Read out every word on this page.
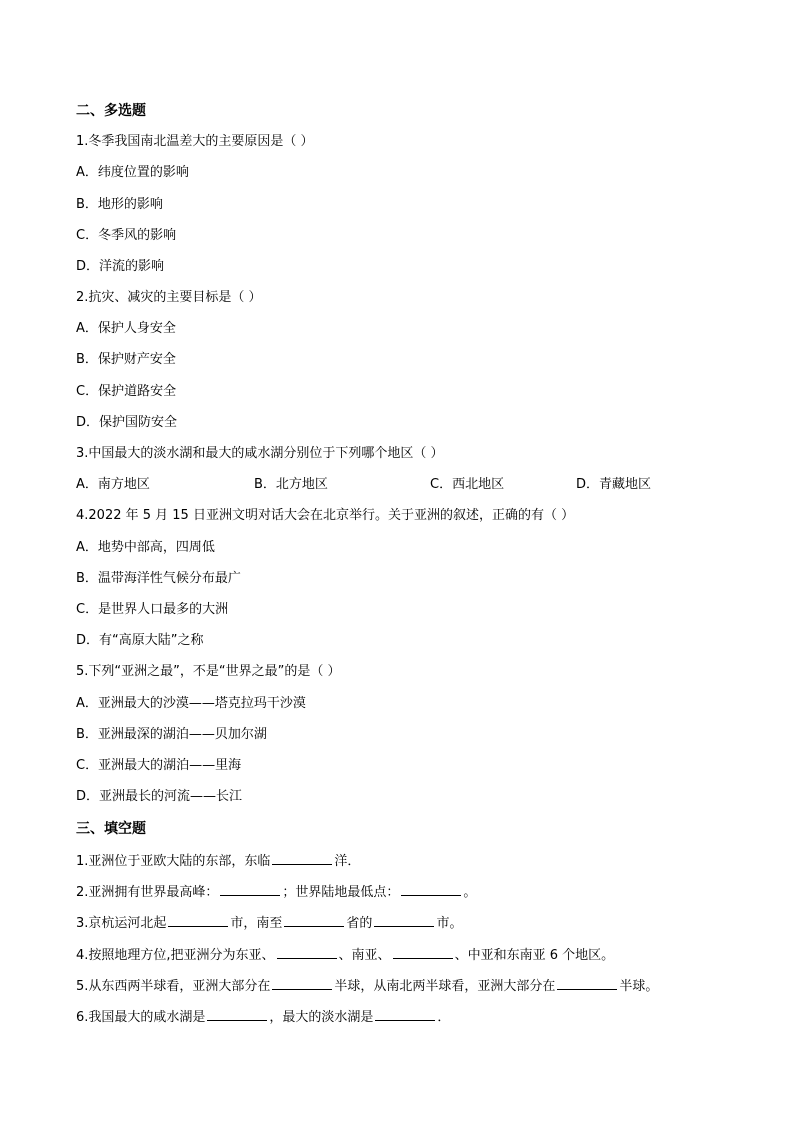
二、多选题
1.冬季我国南北温差大的主要原因是（ ）
A．纬度位置的影响
B．地形的影响
C．冬季风的影响
D．洋流的影响
2.抗灾、减灾的主要目标是（ ）
A．保护人身安全
B．保护财产安全
C．保护道路安全
D．保护国防安全
3.中国最大的淡水湖和最大的咸水湖分别位于下列哪个地区（ ）
A．南方地区	B．北方地区	C．西北地区	D．青藏地区
4.2022 年 5 月 15 日亚洲文明对话大会在北京举行。关于亚洲的叙述，正确的有（ ）
A．地势中部高，四周低
B．温带海洋性气候分布最广
C．是世界人口最多的大洲
D．有“高原大陆”之称
5.下列“亚洲之最”，不是“世界之最”的是（ ）
A．亚洲最大的沙漠——塔克拉玛干沙漠
B．亚洲最深的湖泊——贝加尔湖
C．亚洲最大的湖泊——里海
D．亚洲最长的河流——长江
三、填空题
1.亚洲位于亚欧大陆的东部，东临	洋．
2.亚洲拥有世界最高峰：	；世界陆地最低点：	。
3.京杭运河北起	市，南至	省的	市。
4.按照地理方位,把亚洲分为东亚、	、南亚、	、中亚和东南亚 6 个地区。
5.从东西两半球看，亚洲大部分在	半球，从南北两半球看，亚洲大部分在	半球。
6.我国最大的咸水湖是	，最大的淡水湖是	．
